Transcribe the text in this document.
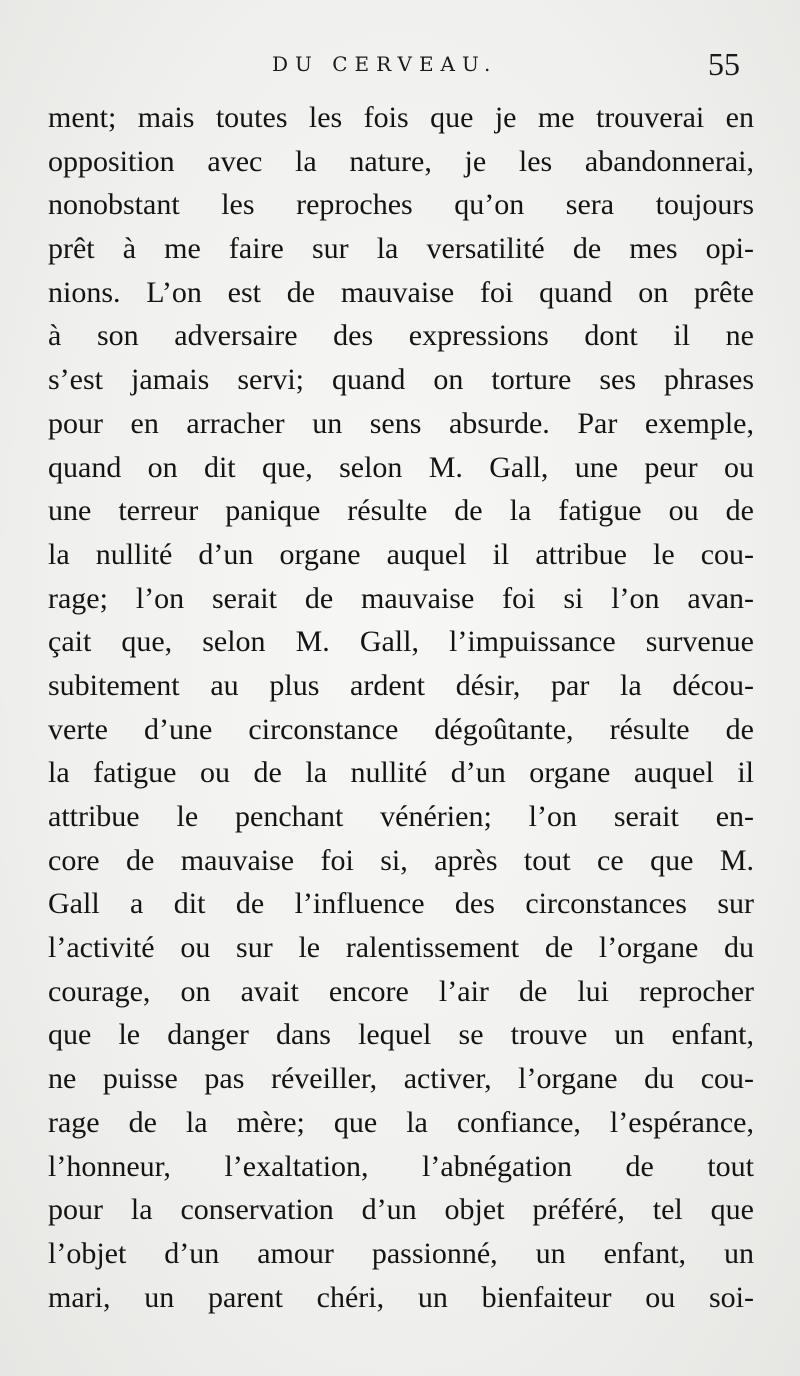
DU CERVEAU.	55
ment; mais toutes les fois que je me trouverai en
opposition avec la nature, je les abandonnerai,
nonobstant les reproches qu’on sera toujours
prêt à me faire sur la versatilité de mes opi-
nions. L’on est de mauvaise foi quand on prête
à son adversaire des expressions dont il ne
s’est jamais servi; quand on torture ses phrases
pour en arracher un sens absurde. Par exemple,
quand on dit que, selon M. Gall, une peur ou
une terreur panique résulte de la fatigue ou de
la nullité d’un organe auquel il attribue le cou-
rage; l’on serait de mauvaise foi si l’on avan-
çait que, selon M. Gall, l’impuissance survenue
subitement au plus ardent désir, par la décou-
verte d’une circonstance dégoûtante, résulte de
la fatigue ou de la nullité d’un organe auquel il
attribue le penchant vénérien; l’on serait en-
core de mauvaise foi si, après tout ce que M.
Gall a dit de l’influence des circonstances sur
l’activité ou sur le ralentissement de l’organe du
courage, on avait encore l’air de lui reprocher
que le danger dans lequel se trouve un enfant,
ne puisse pas réveiller, activer, l’organe du cou-
rage de la mère; que la confiance, l’espérance,
l’honneur, l’exaltation, l’abnégation de tout
pour la conservation d’un objet préféré, tel que
l’objet d’un amour passionné, un enfant, un
mari, un parent chéri, un bienfaiteur ou soi-
